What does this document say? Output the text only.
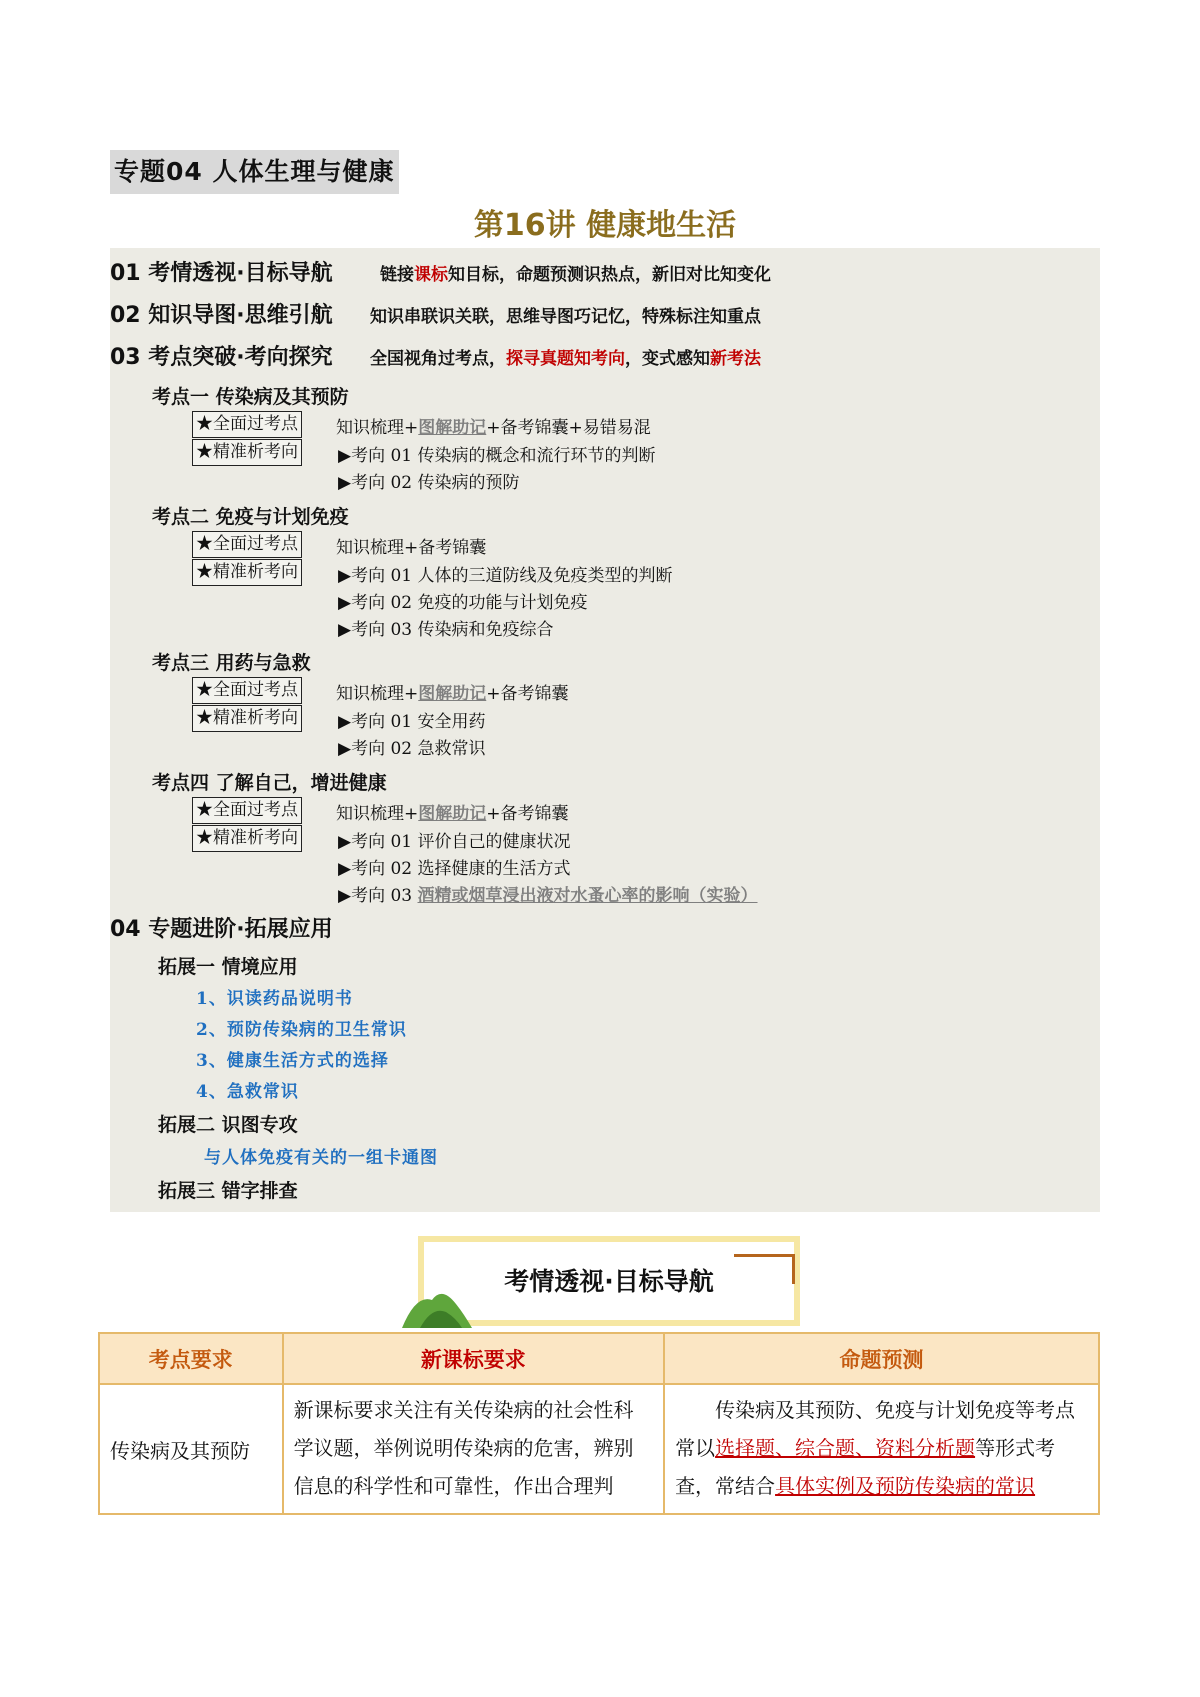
专题04 人体生理与健康
第16讲 健康地生活
01 考情透视·目标导航	链接课标知目标，命题预测识热点，新旧对比知变化
02 知识导图·思维引航 知识串联识关联，思维导图巧记忆，特殊标注知重点
03 考点突破·考向探究 全国视角过考点，探寻真题知考向，变式感知新考法
考点一 传染病及其预防
★全面过考点 知识梳理+图解助记+备考锦囊+易错易混
★精准析考向 ▶考向 01 传染病的概念和流行环节的判断
▶考向 02 传染病的预防
考点二 免疫与计划免疫
★全面过考点 知识梳理+备考锦囊
★精准析考向 ▶考向 01 人体的三道防线及免疫类型的判断
▶考向 02 免疫的功能与计划免疫
▶考向 03 传染病和免疫综合
考点三 用药与急救
★全面过考点 知识梳理+图解助记+备考锦囊
★精准析考向 ▶考向 01 安全用药
▶考向 02 急救常识
考点四 了解自己，增进健康
★全面过考点 知识梳理+图解助记+备考锦囊
★精准析考向 ▶考向 01 评价自己的健康状况
▶考向 02 选择健康的生活方式
▶考向 03 酒精或烟草浸出液对水蚤心率的影响（实验）
04 专题进阶·拓展应用
拓展一 情境应用
1、识读药品说明书
2、预防传染病的卫生常识
3、健康生活方式的选择
4、急救常识
拓展二 识图专攻
与人体免疫有关的一组卡通图
拓展三 错字排查
考情透视·目标导航
考点要求	新课标要求	命题预测
传染病及其预防	新课标要求关注有关传染病的社会性科学议题，举例说明传染病的危害，辨别信息的科学性和可靠性，作出合理判	传染病及其预防、免疫与计划免疫等考点常以选择题、综合题、资料分析题等形式考查，常结合具体实例及预防传染病的常识
